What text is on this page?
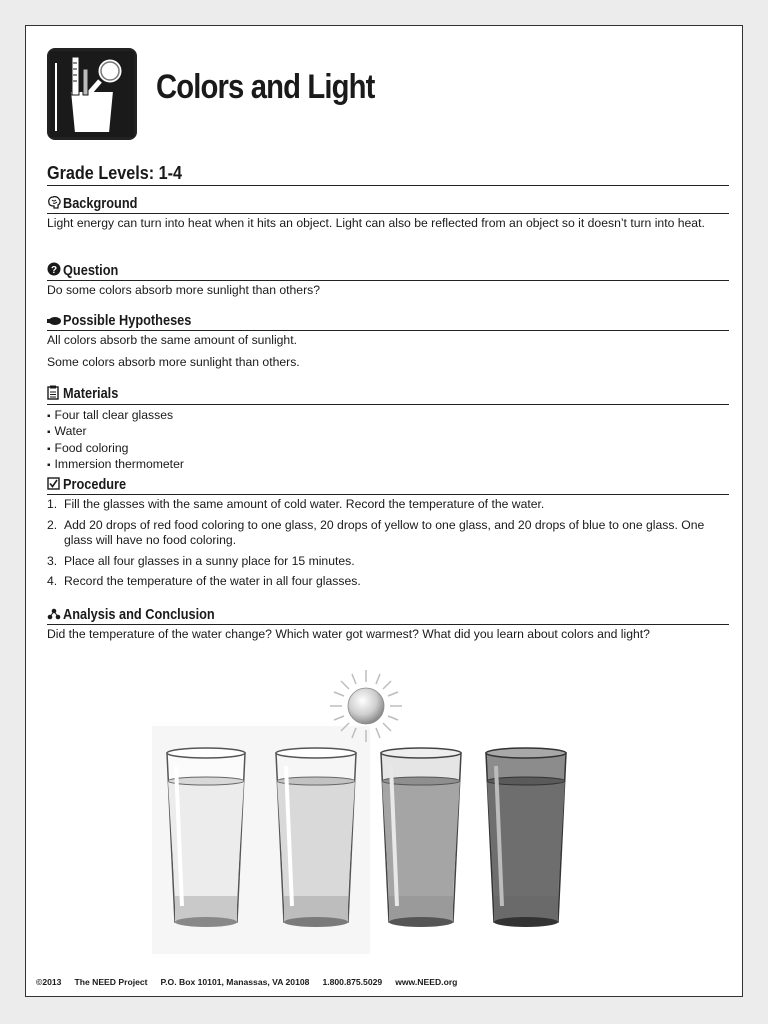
Colors and Light
Grade Levels: 1-4
Background
Light energy can turn into heat when it hits an object. Light can also be reflected from an object so it doesn’t turn into heat.
? Question
Do some colors absorb more sunlight than others?
Possible Hypotheses
All colors absorb the same amount of sunlight.
Some colors absorb more sunlight than others.
Materials
▪ Four tall clear glasses
▪ Water
▪ Food coloring
▪ Immersion thermometer
Procedure
1. Fill the glasses with the same amount of cold water. Record the temperature of the water.
2. Add 20 drops of red food coloring to one glass, 20 drops of yellow to one glass, and 20 drops of blue to one glass. One glass will have no food coloring.
3. Place all four glasses in a sunny place for 15 minutes.
4. Record the temperature of the water in all four glasses.
Analysis and Conclusion
Did the temperature of the water change? Which water got warmest? What did you learn about colors and light?
©2013 The NEED Project P.O. Box 10101, Manassas, VA 20108 1.800.875.5029 www.NEED.org
